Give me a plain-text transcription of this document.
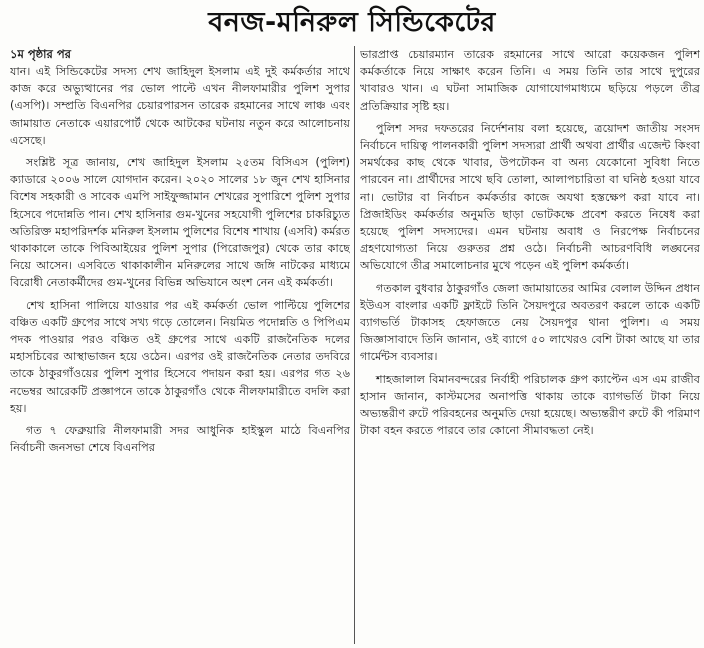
বনজ-মনিরুল সিন্ডিকেটের

১ম পৃষ্ঠার পর

যান। এই সিন্ডিকেটের সদস্য শেখ জাহিদুল ইসলাম এই দুই কর্মকর্তার সাথে কাজ করে অভ্যুত্থানের পর ভোল পাল্টে এখন নীলফামারীর পুলিশ সুপার (এসপি)। সম্প্রতি বিএনপির চেয়ারপারসন তারেক রহমানের সাথে লাঞ্চ এবং জামায়াত নেতাকে এয়ারপোর্ট থেকে আটকের ঘটনায় নতুন করে আলোচনায় এসেছে।

সংশ্লিষ্ট সূত্র জানায়, শেখ জাহিদুল ইসলাম ২৫তম বিসিএস (পুলিশ) ক্যাডারে ২০০৬ সালে যোগদান করেন। ২০২০ সালের ১৮ জুন শেখ হাসিনার বিশেষ সহকারী ও সাবেক এমপি সাইফুজ্জামান শেখরের সুপারিশে পুলিশ সুপার হিসেবে পদোন্নতি পান। শেখ হাসিনার গুম-খুনের সহযোগী পুলিশের চাকরিচ্যুত অতিরিক্ত মহাপরিদর্শক মনিরুল ইসলাম পুলিশের বিশেষ শাখায় (এসবি) কর্মরত থাকাকালে তাকে পিবিআইয়ের পুলিশ সুপার (পিরোজপুর) থেকে তার কাছে নিয়ে আসেন। এসবিতে থাকাকালীন মনিরুলের সাথে জঙ্গি নাটকের মাধ্যমে বিরোধী নেতাকর্মীদের গুম-খুনের বিভিন্ন অভিযানে অংশ নেন এই কর্মকর্তা।

শেখ হাসিনা পালিয়ে যাওয়ার পর এই কর্মকর্তা ভোল পাল্টিয়ে পুলিশের বঞ্চিত একটি গ্রুপের সাথে সখ্য গড়ে তোলেন। নিয়মিত পদোন্নতি ও পিপিএম পদক পাওয়ার পরও বঞ্চিত ওই গ্রুপের সাথে একটি রাজনৈতিক দলের মহাসচিবের আস্থাভাজন হয়ে ওঠেন। এরপর ওই রাজনৈতিক নেতার তদবিরে তাকে ঠাকুরগাঁওয়ের পুলিশ সুপার হিসেবে পদায়ন করা হয়। এরপর গত ২৬ নভেম্বর আরেকটি প্রজ্ঞাপনে তাকে ঠাকুরগাঁও থেকে নীলফামারীতে বদলি করা হয়।

গত ৭ ফেব্রুয়ারি নীলফামারী সদর আধুনিক হাইস্কুল মাঠে বিএনপির নির্বাচনী জনসভা শেষে বিএনপির

ভারপ্রাপ্ত চেয়ারম্যান তারেক রহমানের সাথে আরো কয়েকজন পুলিশ কর্মকর্তাকে নিয়ে সাক্ষাৎ করেন তিনি। এ সময় তিনি তার সাথে দুপুরের খাবারও খান। এ ঘটনা সামাজিক যোগাযোগমাধ্যমে ছড়িয়ে পড়লে তীব্র প্রতিক্রিয়ার সৃষ্টি হয়।

পুলিশ সদর দফতরের নির্দেশনায় বলা হয়েছে, ত্রয়োদশ জাতীয় সংসদ নির্বাচনে দায়িত্ব পালনকারী পুলিশ সদস্যরা প্রার্থী অথবা প্রার্থীর এজেন্ট কিংবা সমর্থকের কাছ থেকে খাবার, উপঢৌকন বা অন্য যেকোনো সুবিধা নিতে পারবেন না। প্রার্থীদের সাথে ছবি তোলা, আলাপচারিতা বা ঘনিষ্ঠ হওয়া যাবে না। ভোটার বা নির্বাচন কর্মকর্তার কাজে অযথা হস্তক্ষেপ করা যাবে না। প্রিজাইডিং কর্মকর্তার অনুমতি ছাড়া ভোটকক্ষে প্রবেশ করতে নিষেধ করা হয়েছে পুলিশ সদস্যদের। এমন ঘটনায় অবাধ ও নিরপেক্ষ নির্বাচনের গ্রহণযোগ্যতা নিয়ে গুরুতর প্রশ্ন ওঠে। নির্বাচনী আচরণবিধি লঙ্ঘনের অভিযোগে তীব্র সমালোচনার মুখে পড়েন এই পুলিশ কর্মকর্তা।

গতকাল বুধবার ঠাকুরগাঁও জেলা জামায়াতের আমির বেলাল উদ্দিন প্রধান ইউএস বাংলার একটি ফ্লাইটে তিনি সৈয়দপুরে অবতরণ করলে তাকে একটি ব্যাগভর্তি টাকাসহ হেফাজতে নেয় সৈয়দপুর থানা পুলিশ। এ সময় জিজ্ঞাসাবাদে তিনি জানান, ওই ব্যাগে ৫০ লাখেরও বেশি টাকা আছে যা তার গার্মেন্টস ব্যবসার।

শাহজালাল বিমানবন্দরের নির্বাহী পরিচালক গ্রুপ ক্যাপ্টেন এস এম রাজীব হাসান জানান, কাস্টমসের অনাপত্তি থাকায় তাকে ব্যাগভর্তি টাকা নিয়ে অভ্যন্তরীণ রুটে পরিবহনের অনুমতি দেয়া হয়েছে। অভ্যন্তরীণ রুটে কী পরিমাণ টাকা বহন করতে পারবে তার কোনো সীমাবদ্ধতা নেই।
